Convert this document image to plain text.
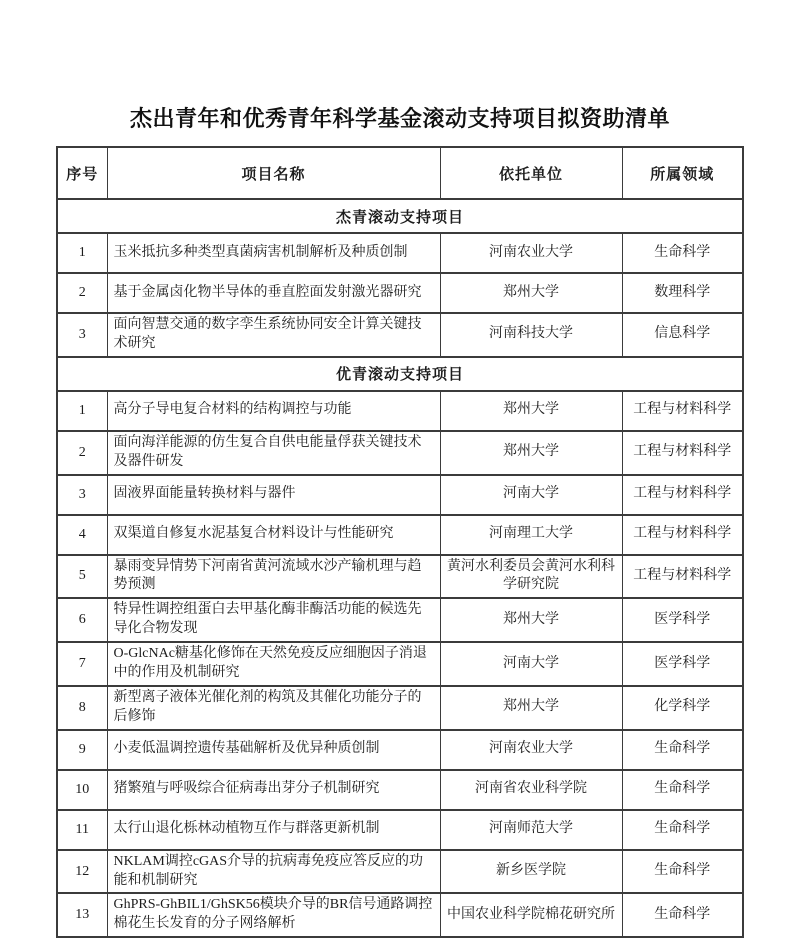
杰出青年和优秀青年科学基金滚动支持项目拟资助清单
序号	项目名称	依托单位	所属领域
杰青滚动支持项目			
1	玉米抵抗多种类型真菌病害机制解析及种质创制	河南农业大学	生命科学
2	基于金属卤化物半导体的垂直腔面发射激光器研究	郑州大学	数理科学
3	面向智慧交通的数字孪生系统协同安全计算关键技术研究	河南科技大学	信息科学
优青滚动支持项目			
1	高分子导电复合材料的结构调控与功能	郑州大学	工程与材料科学
2	面向海洋能源的仿生复合自供电能量俘获关键技术及器件研发	郑州大学	工程与材料科学
3	固液界面能量转换材料与器件	河南大学	工程与材料科学
4	双渠道自修复水泥基复合材料设计与性能研究	河南理工大学	工程与材料科学
5	暴雨变异情势下河南省黄河流域水沙产输机理与趋势预测	黄河水利委员会黄河水利科学研究院	工程与材料科学
6	特异性调控组蛋白去甲基化酶非酶活功能的候选先导化合物发现	郑州大学	医学科学
7	O-GlcNAc糖基化修饰在天然免疫反应细胞因子消退中的作用及机制研究	河南大学	医学科学
8	新型离子液体光催化剂的构筑及其催化功能分子的后修饰	郑州大学	化学科学
9	小麦低温调控遗传基础解析及优异种质创制	河南农业大学	生命科学
10	猪繁殖与呼吸综合征病毒出芽分子机制研究	河南省农业科学院	生命科学
11	太行山退化栎林动植物互作与群落更新机制	河南师范大学	生命科学
12	NKLAM调控cGAS介导的抗病毒免疫应答反应的功能和机制研究	新乡医学院	生命科学
13	GhPRS-GhBIL1/GhSK56模块介导的BR信号通路调控棉花生长发育的分子网络解析	中国农业科学院棉花研究所	生命科学
